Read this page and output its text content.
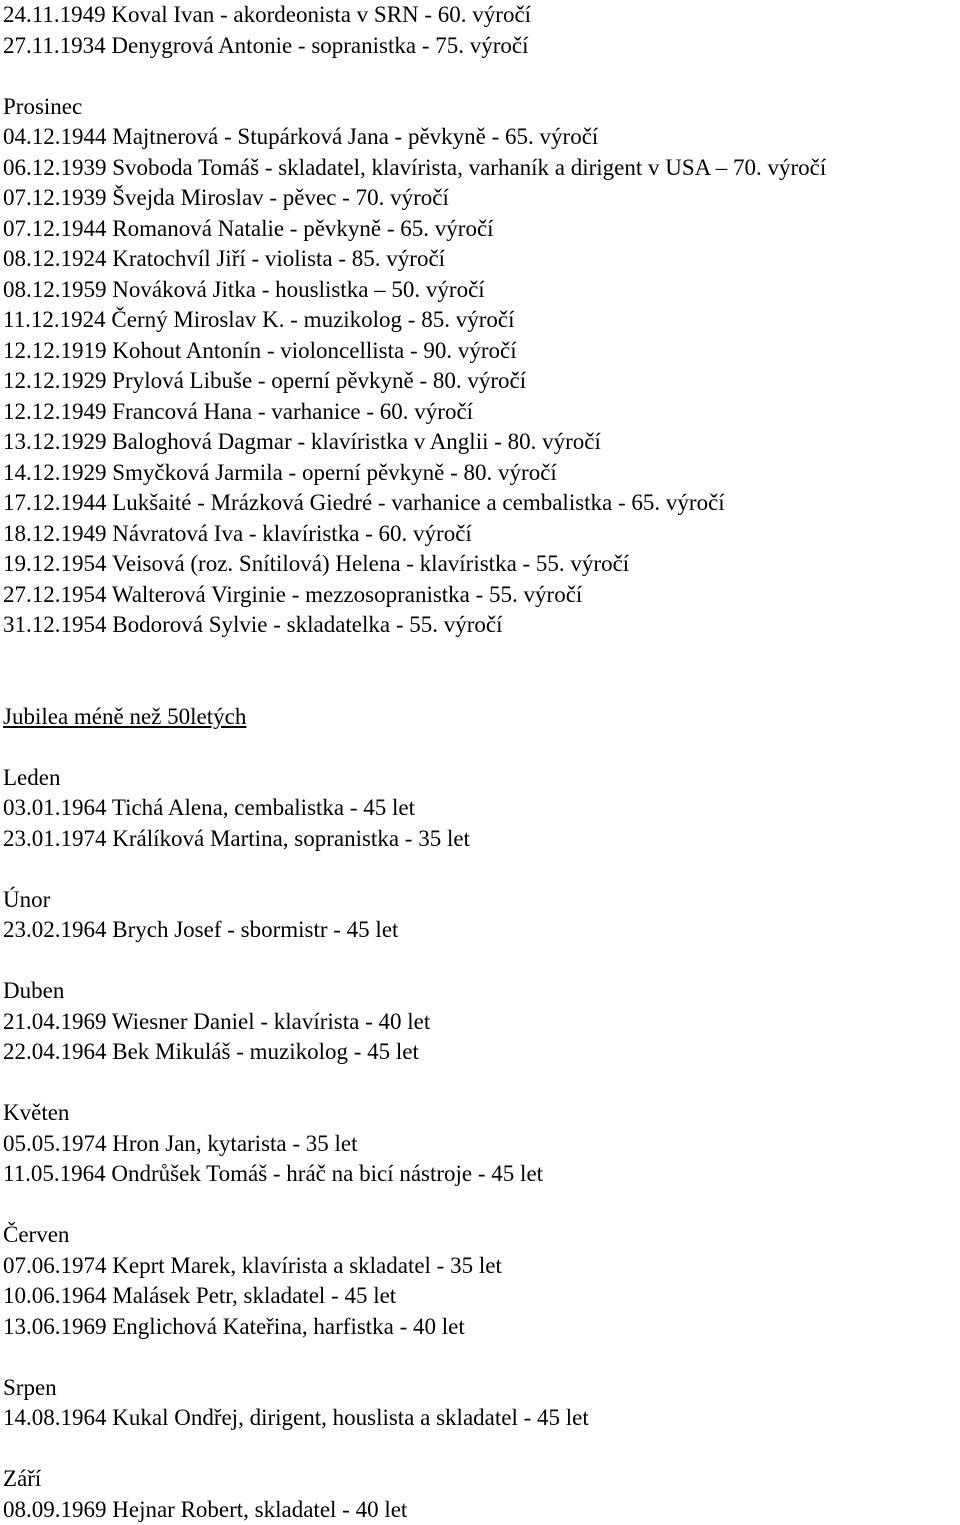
24.11.1949 Koval Ivan - akordeonista v SRN - 60. výročí
27.11.1934 Denygrová Antonie - sopranistka - 75. výročí
Prosinec
04.12.1944 Majtnerová - Stupárková Jana - pěvkyně - 65. výročí
06.12.1939 Svoboda Tomáš - skladatel, klavírista, varhaník a dirigent v USA – 70. výročí
07.12.1939 Švejda Miroslav - pěvec - 70. výročí
07.12.1944 Romanová Natalie - pěvkyně - 65. výročí
08.12.1924 Kratochvíl Jiří - violista - 85. výročí
08.12.1959 Nováková Jitka - houslistka – 50. výročí
11.12.1924 Černý Miroslav K. - muzikolog - 85. výročí
12.12.1919 Kohout Antonín - violoncellista - 90. výročí
12.12.1929 Prylová Libuše - operní pěvkyně - 80. výročí
12.12.1949 Francová Hana - varhanice - 60. výročí
13.12.1929 Baloghová Dagmar - klavíristka v Anglii - 80. výročí
14.12.1929 Smyčková Jarmila - operní pěvkyně - 80. výročí
17.12.1944 Lukšaité - Mrázková Giedré - varhanice a cembalistka - 65. výročí
18.12.1949 Návratová Iva - klavíristka - 60. výročí
19.12.1954 Veisová (roz. Snítilová) Helena - klavíristka - 55. výročí
27.12.1954 Walterová Virginie - mezzosopranistka - 55. výročí
31.12.1954 Bodorová Sylvie - skladatelka - 55. výročí
Jubilea méně než 50letých
Leden
03.01.1964 Tichá Alena, cembalistka - 45 let
23.01.1974 Králíková Martina, sopranistka - 35 let
Únor
23.02.1964 Brych Josef - sbormistr - 45 let
Duben
21.04.1969 Wiesner Daniel - klavírista - 40 let
22.04.1964 Bek Mikuláš - muzikolog - 45 let
Květen
05.05.1974 Hron Jan, kytarista - 35 let
11.05.1964 Ondrůšek Tomáš - hráč na bicí nástroje - 45 let
Červen
07.06.1974 Keprt Marek, klavírista a skladatel - 35 let
10.06.1964 Malásek Petr, skladatel - 45 let
13.06.1969 Englichová Kateřina, harfistka - 40 let
Srpen
14.08.1964 Kukal Ondřej, dirigent, houslista a skladatel - 45 let
Září
08.09.1969 Hejnar Robert, skladatel - 40 let
